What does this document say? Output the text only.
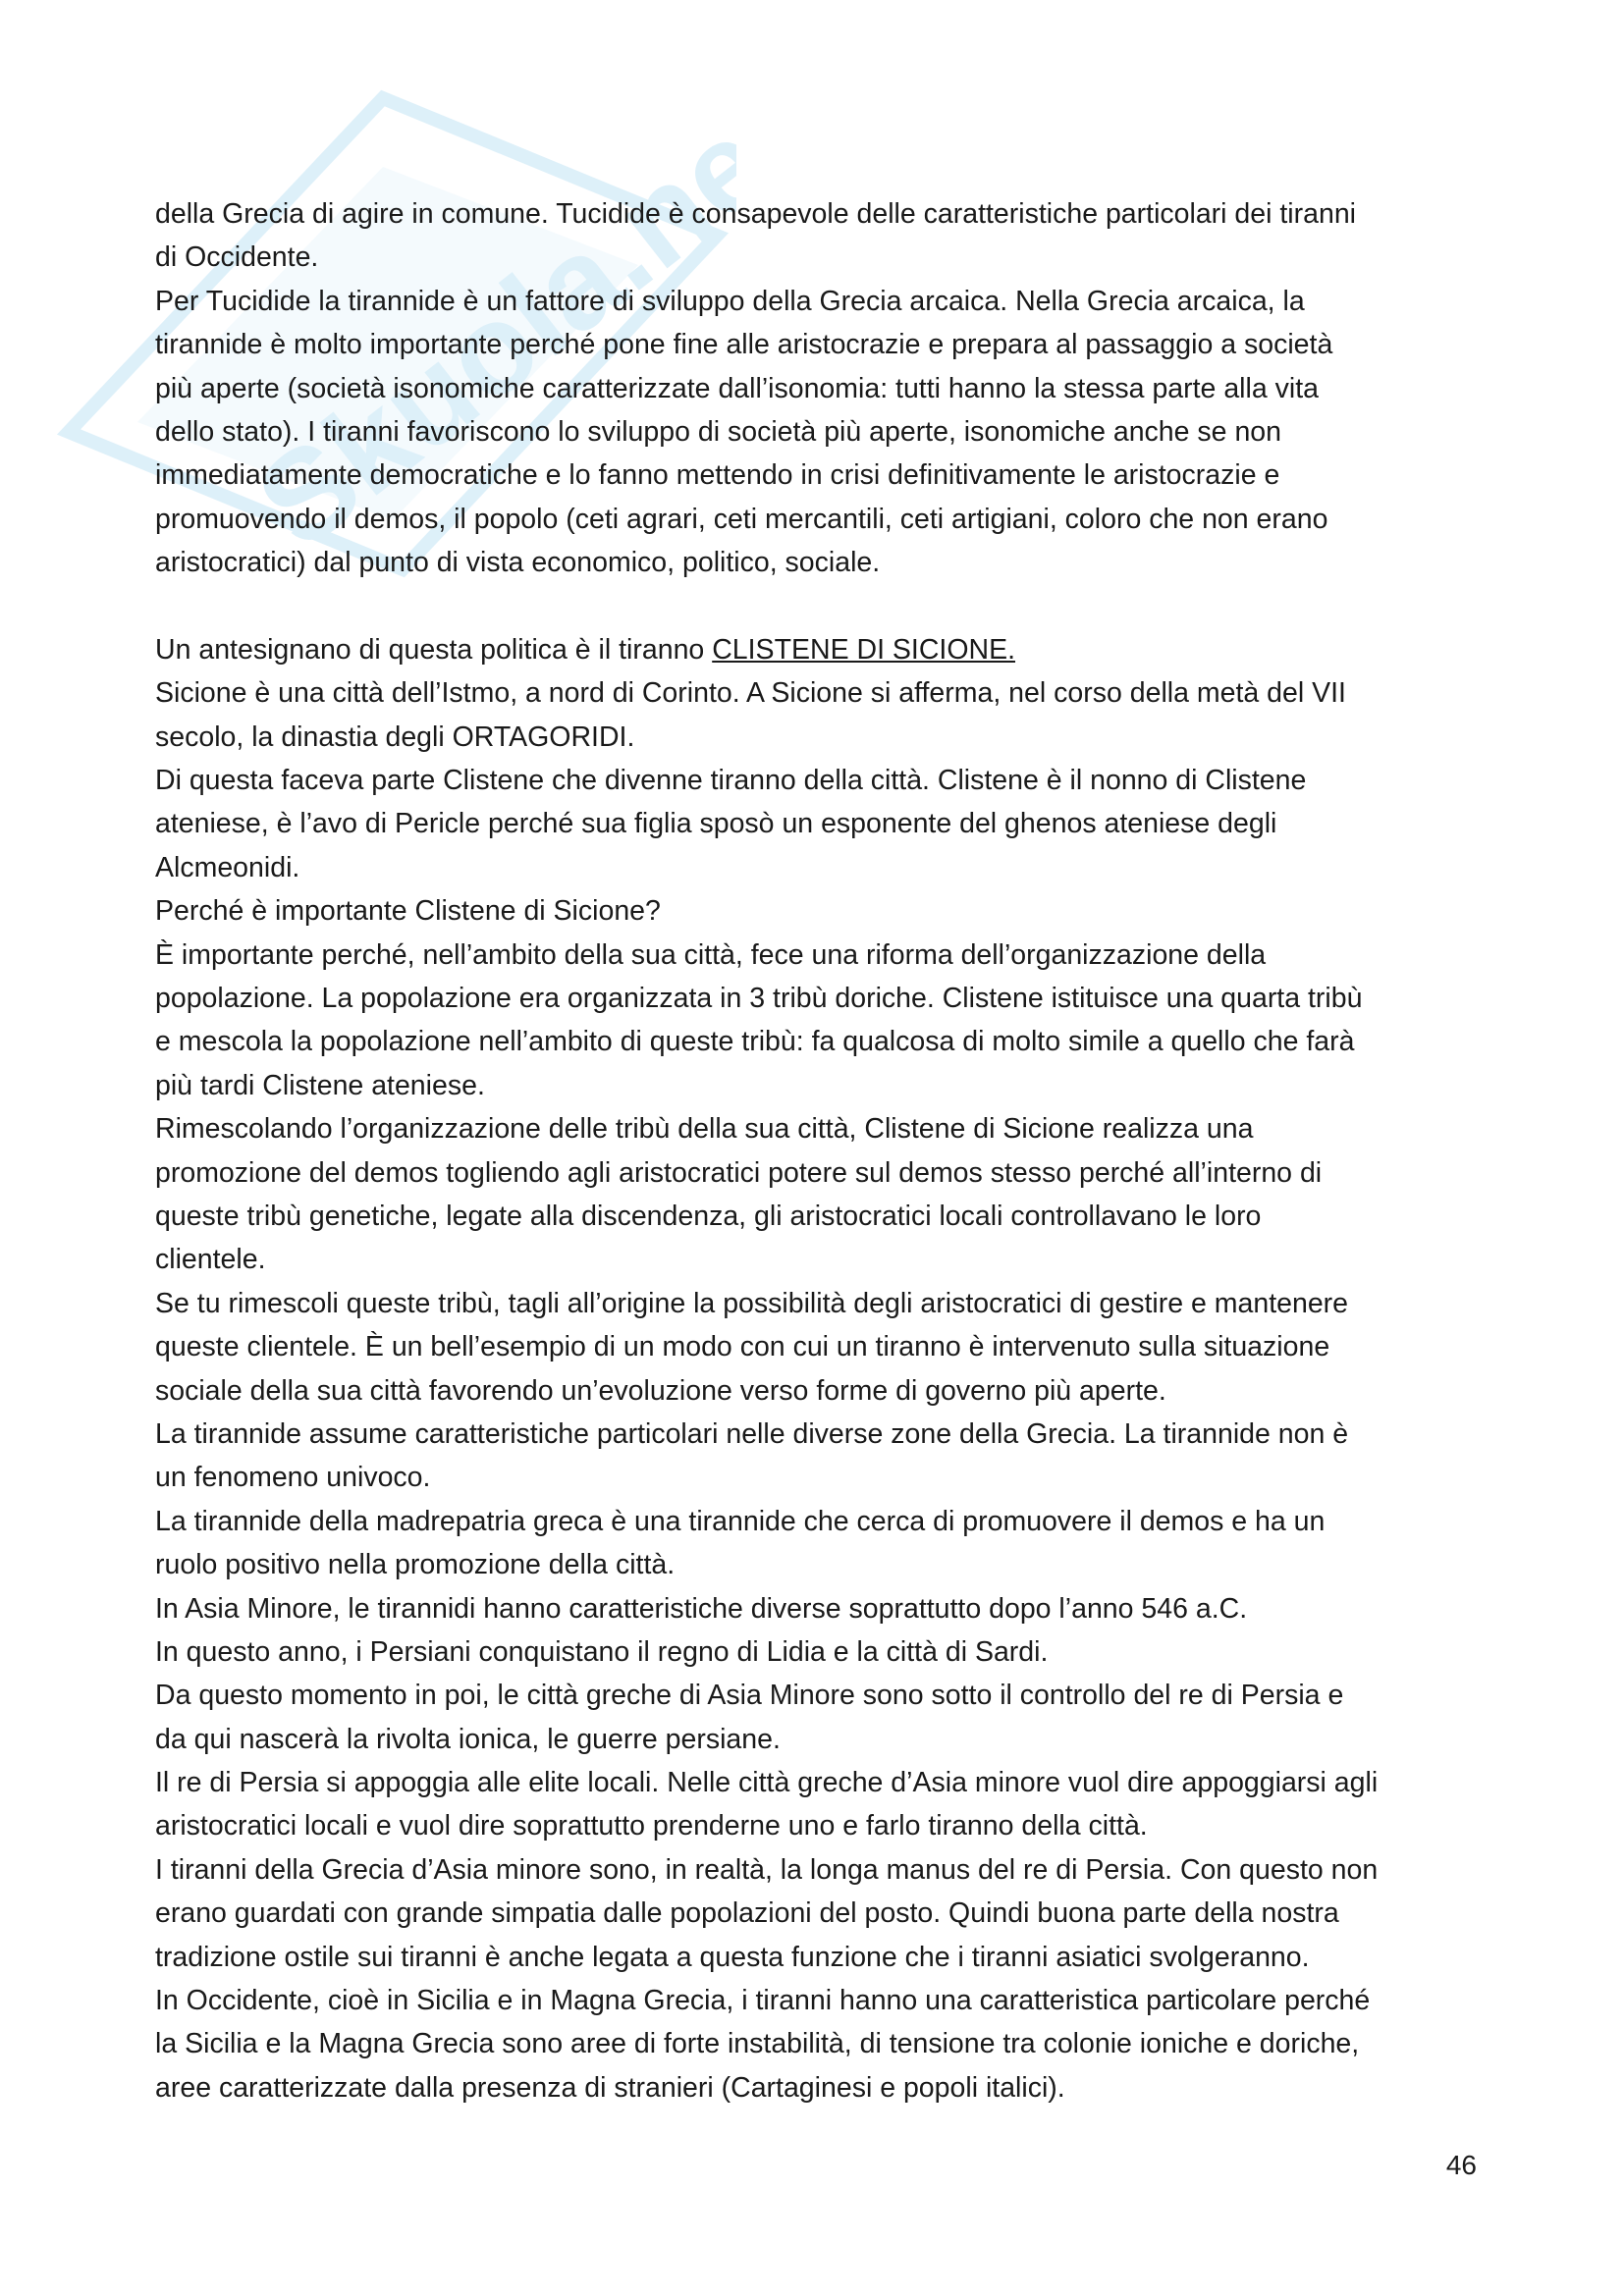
Skuola.net
della Grecia di agire in comune. Tucidide è consapevole delle caratteristiche particolari dei tiranni
di Occidente.
Per Tucidide la tirannide è un fattore di sviluppo della Grecia arcaica. Nella Grecia arcaica, la
tirannide è molto importante perché pone fine alle aristocrazie e prepara al passaggio a società
più aperte (società isonomiche caratterizzate dall’isonomia: tutti hanno la stessa parte alla vita
dello stato). I tiranni favoriscono lo sviluppo di società più aperte, isonomiche anche se non
immediatamente democratiche e lo fanno mettendo in crisi definitivamente le aristocrazie e
promuovendo il demos, il popolo (ceti agrari, ceti mercantili, ceti artigiani, coloro che non erano
aristocratici) dal punto di vista economico, politico, sociale.
Un antesignano di questa politica è il tiranno CLISTENE DI SICIONE.
Sicione è una città dell’Istmo, a nord di Corinto. A Sicione si afferma, nel corso della metà del VII
secolo, la dinastia degli ORTAGORIDI.
Di questa faceva parte Clistene che divenne tiranno della città. Clistene è il nonno di Clistene
ateniese, è l’avo di Pericle perché sua figlia sposò un esponente del ghenos ateniese degli
Alcmeonidi.
Perché è importante Clistene di Sicione?
È importante perché, nell’ambito della sua città, fece una riforma dell’organizzazione della
popolazione. La popolazione era organizzata in 3 tribù doriche. Clistene istituisce una quarta tribù
e mescola la popolazione nell’ambito di queste tribù: fa qualcosa di molto simile a quello che farà
più tardi Clistene ateniese.
Rimescolando l’organizzazione delle tribù della sua città, Clistene di Sicione realizza una
promozione del demos togliendo agli aristocratici potere sul demos stesso perché all’interno di
queste tribù genetiche, legate alla discendenza, gli aristocratici locali controllavano le loro
clientele.
Se tu rimescoli queste tribù, tagli all’origine la possibilità degli aristocratici di gestire e mantenere
queste clientele. È un bell’esempio di un modo con cui un tiranno è intervenuto sulla situazione
sociale della sua città favorendo un’evoluzione verso forme di governo più aperte.
La tirannide assume caratteristiche particolari nelle diverse zone della Grecia. La tirannide non è
un fenomeno univoco.
La tirannide della madrepatria greca è una tirannide che cerca di promuovere il demos e ha un
ruolo positivo nella promozione della città.
In Asia Minore, le tirannidi hanno caratteristiche diverse soprattutto dopo l’anno 546 a.C.
In questo anno, i Persiani conquistano il regno di Lidia e la città di Sardi.
Da questo momento in poi, le città greche di Asia Minore sono sotto il controllo del re di Persia e
da qui nascerà la rivolta ionica, le guerre persiane.
Il re di Persia si appoggia alle elite locali. Nelle città greche d’Asia minore vuol dire appoggiarsi agli
aristocratici locali e vuol dire soprattutto prenderne uno e farlo tiranno della città.
I tiranni della Grecia d’Asia minore sono, in realtà, la longa manus del re di Persia. Con questo non
erano guardati con grande simpatia dalle popolazioni del posto. Quindi buona parte della nostra
tradizione ostile sui tiranni è anche legata a questa funzione che i tiranni asiatici svolgeranno.
In Occidente, cioè in Sicilia e in Magna Grecia, i tiranni hanno una caratteristica particolare perché
la Sicilia e la Magna Grecia sono aree di forte instabilità, di tensione tra colonie ioniche e doriche,
aree caratterizzate dalla presenza di stranieri (Cartaginesi e popoli italici).
46
